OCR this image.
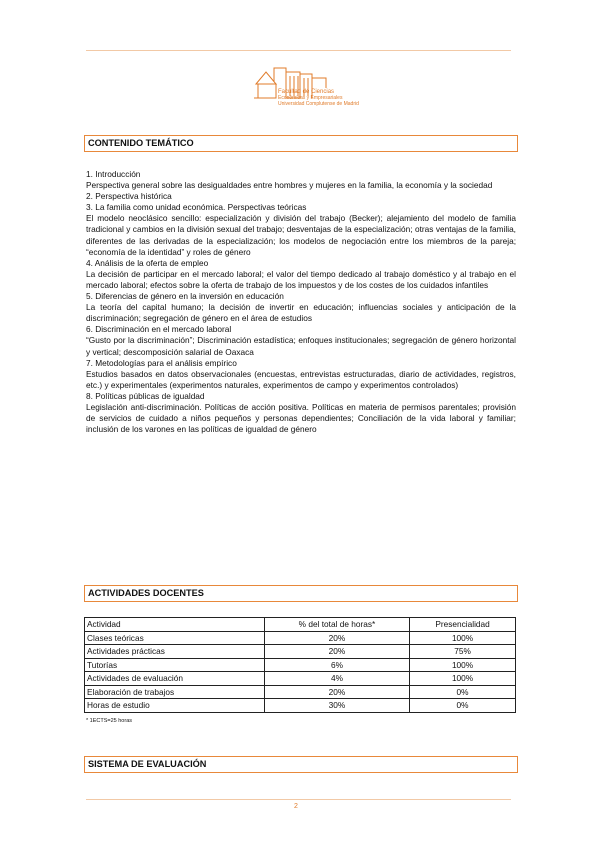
Facultad de Ciencias
Económicas y Empresariales
Universidad Complutense de Madrid
CONTENIDO TEMÁTICO

1. Introducción

Perspectiva general sobre las desigualdades entre hombres y mujeres en la familia, la economía y la sociedad

2. Perspectiva histórica

3. La familia como unidad económica. Perspectivas teóricas

El modelo neoclásico sencillo: especialización y división del trabajo (Becker); alejamiento del modelo de familia tradicional y cambios en la división sexual del trabajo; desventajas de la especialización; otras ventajas de la familia, diferentes de las derivadas de la especialización; los modelos de negociación entre los miembros de la pareja; “economía de la identidad” y roles de género

4. Análisis de la oferta de empleo

La decisión de participar en el mercado laboral; el valor del tiempo dedicado al trabajo doméstico y al trabajo en el mercado laboral; efectos sobre la oferta de trabajo de los impuestos y de los costes de los cuidados infantiles

5. Diferencias de género en la inversión en educación

La teoría del capital humano; la decisión de invertir en educación; influencias sociales y anticipación de la discriminación; segregación de género en el área de estudios

6. Discriminación en el mercado laboral

“Gusto por la discriminación”; Discriminación estadística; enfoques institucionales; segregación de género horizontal y vertical; descomposición salarial de Oaxaca

7. Metodologías para el análisis empírico

Estudios basados en datos observacionales (encuestas, entrevistas estructuradas, diario de actividades, registros, etc.) y experimentales (experimentos naturales, experimentos de campo y experimentos controlados)

8. Políticas públicas de igualdad

Legislación anti-discriminación. Políticas de acción positiva. Políticas en materia de permisos parentales; provisión de servicios de cuidado a niños pequeños y personas dependientes; Conciliación de la vida laboral y familiar; inclusión de los varones en las políticas de igualdad de género

ACTIVIDADES DOCENTES
Actividad	% del total de horas*	Presencialidad
Clases teóricas	20%	100%
Actividades prácticas	20%	75%
Tutorías	6%	100%
Actividades de evaluación	4%	100%
Elaboración de trabajos	20%	0%
Horas de estudio	30%	0%
* 1ECTS=25 horas
SISTEMA DE EVALUACIÓN
2
